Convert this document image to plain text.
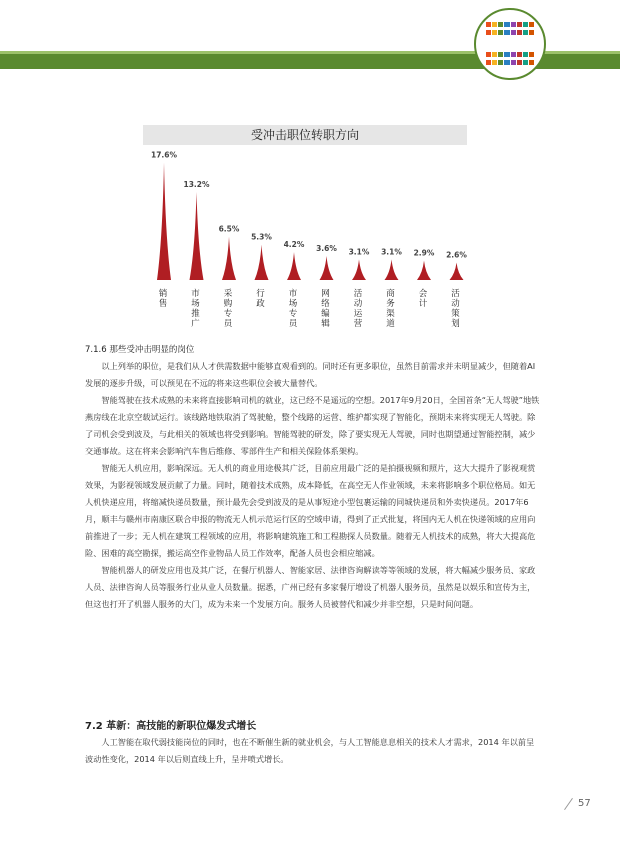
受冲击职位转职方向
17.6%
销售
13.2%
市场推广
6.5%
采购专员
5.3%
行政
4.2%
市场专员
3.6%
网络编辑
3.1%
活动运营
3.1%
商务渠道
2.9%
会计
2.6%
活动策划
7.1.6 那些受冲击明显的岗位

以上列举的职位，是我们从人才供需数据中能够直观看到的。同时还有更多职位，虽然目前需求并未明显减少，但随着AI发展的逐步升级，可以预见在不远的将来这些职位会被大量替代。

智能驾驶在技术成熟的未来将直接影响司机的就业，这已经不是遥远的空想。2017年9月20日，全国首条“无人驾驶”地铁燕房线在北京空载试运行。该线路地铁取消了驾驶舱，整个线路的运营、维护都实现了智能化，预期未来将实现无人驾驶。除了司机会受到波及，与此相关的领域也将受到影响。智能驾驶的研发，除了要实现无人驾驶，同时也期望通过智能控制，减少交通事故。这在将来会影响汽车售后维修、零部件生产和相关保险体系架构。

智能无人机应用，影响深远。无人机的商业用途极其广泛，目前应用最广泛的是拍摄视频和照片，这大大提升了影视观赏效果，为影视领域发展贡献了力量。同时，随着技术成熟，成本降低，在高空无人作业领域，未来将影响多个职位格局。如无人机快递应用，将缩减快递员数量，预计最先会受到波及的是从事短途小型包裹运输的同城快递员和外卖快递员。2017年6月，顺丰与赣州市南康区联合申报的物流无人机示范运行区的空域申请，得到了正式批复，将国内无人机在快递领域的应用向前推进了一步；无人机在建筑工程领域的应用，将影响建筑施工和工程勘探人员数量。随着无人机技术的成熟，将大大提高危险、困难的高空勘探，搬运高空作业物品人员工作效率，配备人员也会相应缩减。

智能机器人的研发应用也及其广泛，在餐厅机器人、智能家居、法律咨询解读等等领域的发展，将大幅减少服务员、家政人员、法律咨询人员等服务行业从业人员数量。据悉，广州已经有多家餐厅增设了机器人服务员，虽然是以娱乐和宣传为主，但这也打开了机器人服务的大门，成为未来一个发展方向。服务人员被替代和减少并非空想，只是时间问题。

7.2 革新：高技能的新职位爆发式增长

人工智能在取代弱技能岗位的同时，也在不断催生新的就业机会，与人工智能息息相关的技术人才需求，2014 年以前呈波动性变化，2014 年以后则直线上升，呈井喷式增长。

57
